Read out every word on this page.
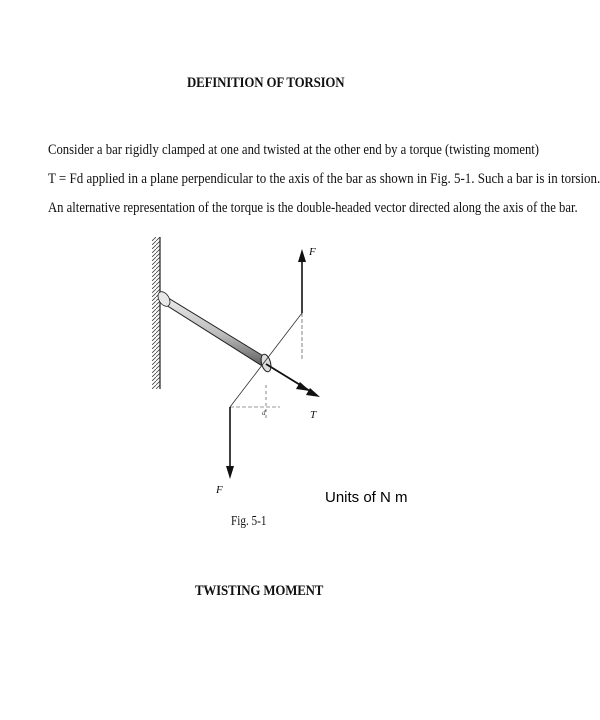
DEFINITION OF TORSION
Consider a bar rigidly clamped at one and twisted at the other end by a torque (twisting moment)
T = Fd applied in a plane perpendicular to the axis of the bar as shown in Fig. 5-1. Such a bar is in torsion.
An alternative representation of the torque is the double-headed vector directed along the axis of the bar.
F
F
T
d
Units of N m
Fig. 5-1
TWISTING MOMENT
